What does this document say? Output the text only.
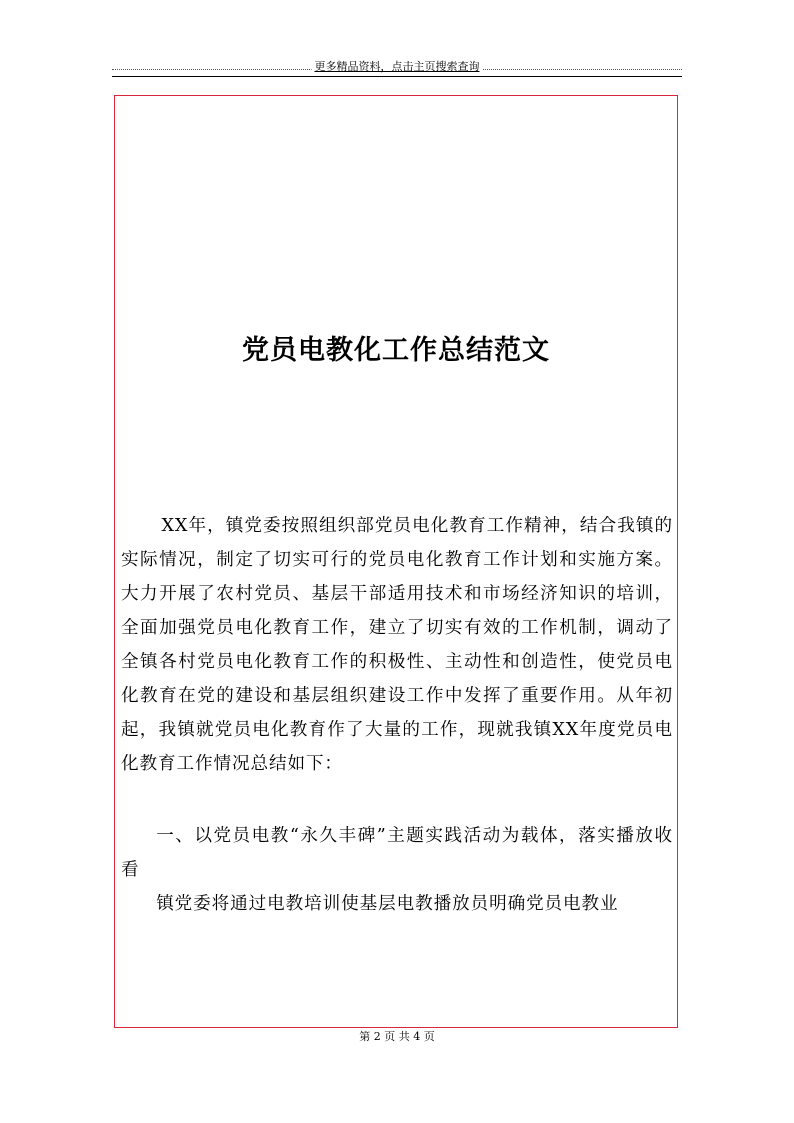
更多精品资料，点击主页搜索查询
党员电教化工作总结范文

XX年，镇党委按照组织部党员电化教育工作精神，结合我镇的实际情况，制定了切实可行的党员电化教育工作计划和实施方案。大力开展了农村党员、基层干部适用技术和市场经济知识的培训，全面加强党员电化教育工作，建立了切实有效的工作机制，调动了全镇各村党员电化教育工作的积极性、主动性和创造性，使党员电化教育在党的建设和基层组织建设工作中发挥了重要作用。从年初起，我镇就党员电化教育作了大量的工作，现就我镇XX年度党员电化教育工作情况总结如下：

一、以党员电教“永久丰碑”主题实践活动为载体，落实播放收看

镇党委将通过电教培训使基层电教播放员明确党员电教业

第 2 页 共 4 页
